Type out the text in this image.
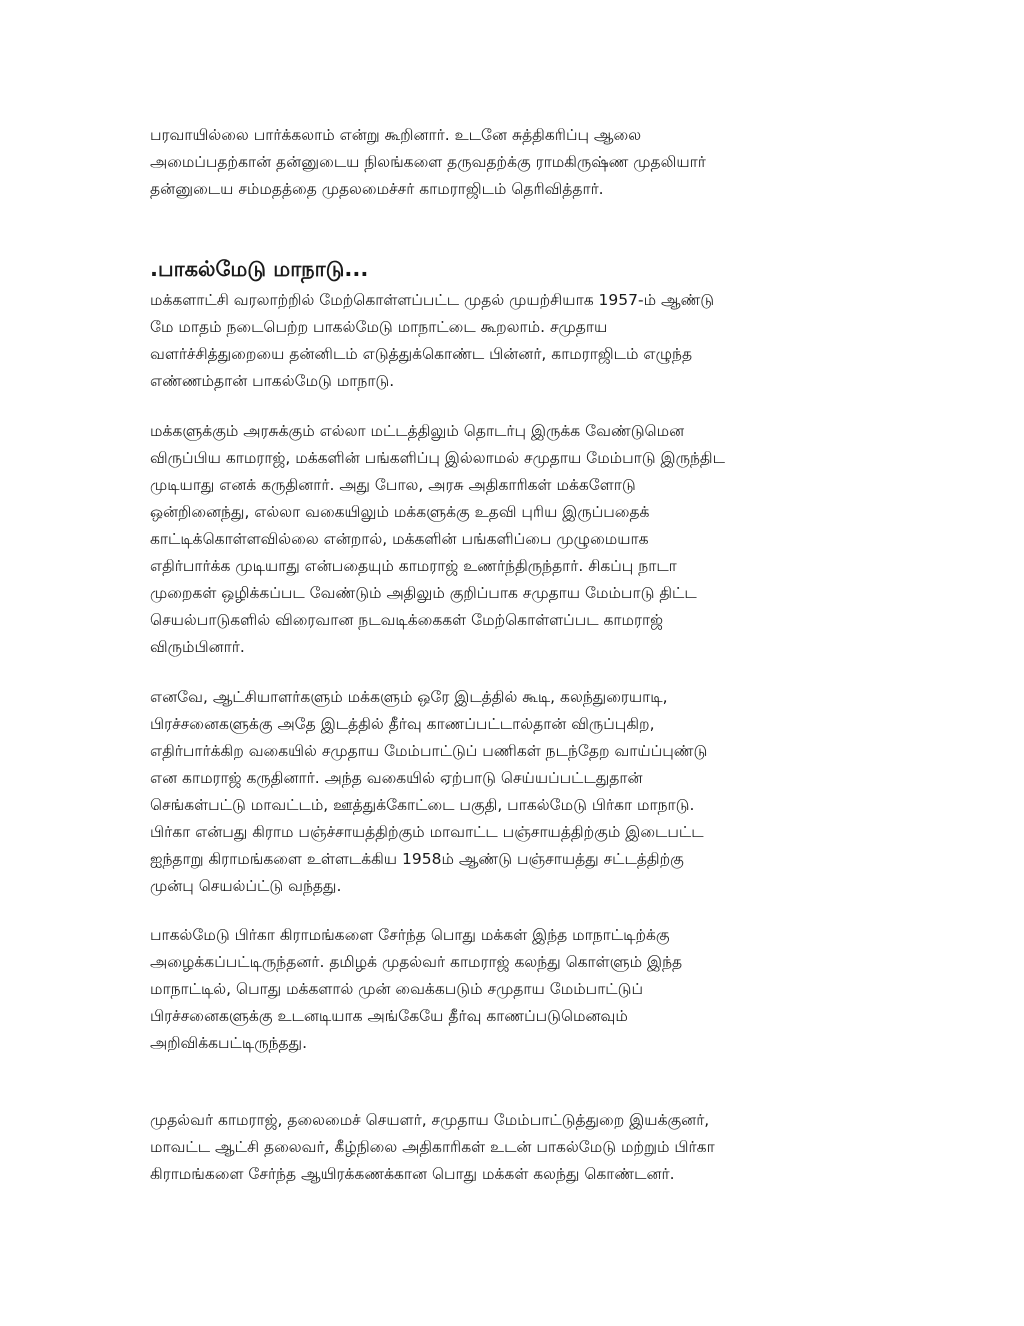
பரவாயில்லை பார்க்கலாம் என்று கூறினார். உடனே சுத்திகரிப்பு ஆலை
அமைப்பதற்கான் தன்னுடைய நிலங்களை தருவதற்க்கு ராமகிருஷ்ண முதலியார்
தன்னுடைய சம்மதத்தை முதலமைச்சர் காமராஜிடம் தெரிவித்தார்.
.பாகல்மேடு மாநாடு...
மக்களாட்சி வரலாற்றில் மேற்கொள்ளப்பட்ட முதல் முயற்சியாக 1957-ம் ஆண்டு
மே மாதம் நடைபெற்ற பாகல்மேடு மாநாட்டை கூறலாம். சமுதாய
வளர்ச்சித்துறையை தன்னிடம் எடுத்துக்கொண்ட பின்னர், காமராஜிடம் எழுந்த
எண்ணம்தான் பாகல்மேடு மாநாடு.
மக்களுக்கும் அரசுக்கும் எல்லா மட்டத்திலும் தொடர்பு இருக்க வேண்டுமென
விருப்பிய காமராஜ், மக்களின் பங்களிப்பு இல்லாமல் சமுதாய மேம்பாடு இருந்திட
முடியாது எனக் கருதினார். அது போல, அரசு அதிகாரிகள் மக்களோடு
ஒன்றினைந்து, எல்லா வகையிலும் மக்களுக்கு உதவி புரிய இருப்பதைக்
காட்டிக்கொள்ளவில்லை என்றால், மக்களின் பங்களிப்பை முழுமையாக
எதிர்பார்க்க முடியாது என்பதையும் காமராஜ் உணர்ந்திருந்தார். சிகப்பு நாடா
முறைகள் ஒழிக்கப்பட வேண்டும் அதிலும் குறிப்பாக சமுதாய மேம்பாடு திட்ட
செயல்பாடுகளில் விரைவான நடவடிக்கைகள் மேற்கொள்ளப்பட காமராஜ்
விரும்பினார்.
எனவே, ஆட்சியாளர்களும் மக்களும் ஒரே இடத்தில் கூடி, கலந்துரையாடி,
பிரச்சனைகளுக்கு அதே இடத்தில் தீர்வு காணப்பட்டால்தான் விருப்புகிற,
எதிர்பார்க்கிற வகையில் சமுதாய மேம்பாட்டுப் பணிகள் நடந்தேற வாய்ப்புண்டு
என காமராஜ் கருதினார். அந்த வகையில் ஏற்பாடு செய்யப்பட்டதுதான்
செங்கள்பட்டு மாவட்டம், ஊத்துக்கோட்டை பகுதி, பாகல்மேடு பிர்கா மாநாடு.
பிர்கா என்பது கிராம பஞ்ச்சாயத்திற்கும் மாவாட்ட பஞ்சாயத்திற்கும் இடைபட்ட
ஐந்தாறு கிராமங்களை உள்ளடக்கிய 1958ம் ஆண்டு பஞ்சாயத்து சட்டத்திற்கு
முன்பு செயல்ப்ட்டு வந்தது.
பாகல்மேடு பிர்கா கிராமங்களை சேர்ந்த பொது மக்கள் இந்த மாநாட்டிற்க்கு
அழைக்கப்பட்டிருந்தனர். தமிழக் முதல்வர் காமராஜ் கலந்து கொள்ளும் இந்த
மாநாட்டில், பொது மக்களால் முன் வைக்கபடும் சமுதாய மேம்பாட்டுப்
பிரச்சனைகளுக்கு உடனடியாக அங்கேயே தீர்வு காணப்படுமெனவும்
அறிவிக்கபட்டிருந்தது.
முதல்வர் காமராஜ், தலைமைச் செயளர், சமுதாய மேம்பாட்டுத்துறை இயக்குனர்,
மாவட்ட ஆட்சி தலைவர், கீழ்நிலை அதிகாரிகள் உடன் பாகல்மேடு மற்றும் பிர்கா
கிராமங்களை சேர்ந்த ஆயிரக்கணக்கான பொது மக்கள் கலந்து கொண்டனர்.
